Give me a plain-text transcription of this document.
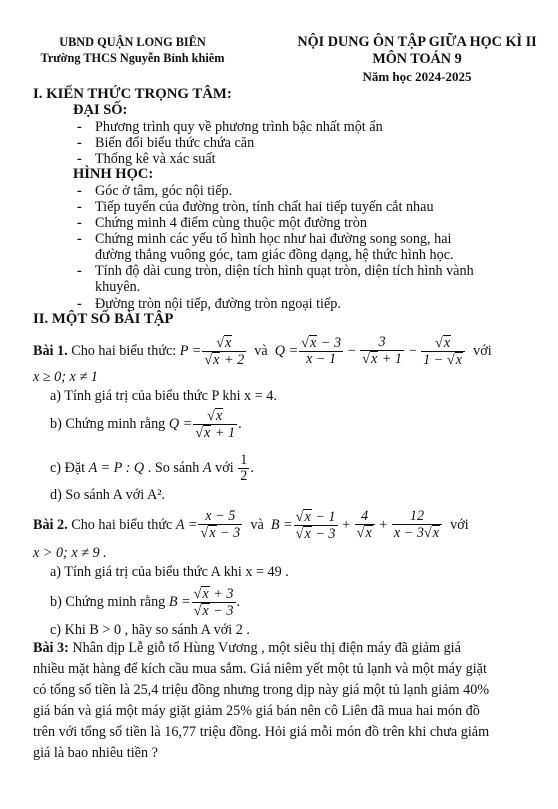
UBND QUẬN LONG BIÊN
Trường THCS Nguyễn Bỉnh khiêm
NỘI DUNG ÔN TẬP GIỮA HỌC KÌ II
MÔN TOÁN 9
Năm học 2024-2025
I. KIẾN THỨC TRỌNG TÂM:
ĐẠI SỐ:
- Phương trình quy về phương trình bậc nhất một ẩn
- Biến đổi biểu thức chứa căn
- Thống kê và xác suất
HÌNH HỌC:
- Góc ở tâm, góc nội tiếp.
- Tiếp tuyến của đường tròn, tính chất hai tiếp tuyến cắt nhau
- Chứng minh 4 điểm cùng thuộc một đường tròn
- Chứng minh các yếu tố hình học như hai đường song song, hai
đường thẳng vuông góc, tam giác đồng dạng, hệ thức hình học.
- Tính độ dài cung tròn, diện tích hình quạt tròn, diện tích hình vành
khuyên.
- Đường tròn nội tiếp, đường tròn ngoại tiếp.
II. MỘT SỐ BÀI TẬP
Bài 1.
Cho hai biểu thức:
$P = \frac{√x}{√x + 2}$
và
$Q = \frac{√x - 3}{x - 1} - \frac{3}{√x + 1} - \frac{√x}{1 - √x}$
với
x ≥ 0; x ≠ 1
a) Tính giá trị của biểu thức P khi x = 4.
b) Chứng minh rằng
$Q = \frac{√x}{√x + 1}$ .
c) Đặt
A = P : Q
. So sánh
A
với
$\frac{1}{2}$ .
d) So sánh A với A².
Bài 2.
Cho hai biểu thức
$A = \frac{x - 5}{√x - 3}$
và
$B = \frac{√x - 1}{√x - 3} + \frac{4}{√x} + \frac{12}{x - 3√x}$
với
x > 0; x ≠ 9 .
a) Tính giá trị của biểu thức A khi x = 49 .
b) Chứng minh rằng
$B = \frac{√x + 3}{√x - 3}$ .
c) Khi B > 0 , hãy so sánh A với 2 .
Bài 3: Nhân dịp Lễ giỗ tổ Hùng Vương , một siêu thị điện máy đã giảm giá
nhiều mặt hàng để kích cầu mua sắm. Giá niêm yết một tủ lạnh và một máy giặt
có tổng số tiền là 25,4 triệu đồng nhưng trong dịp này giá một tủ lạnh giảm 40%
giá bán và giá một máy giặt giảm 25% giá bán nên cô Liên đã mua hai món đồ
trên với tổng số tiền là 16,77 triệu đồng. Hỏi giá mỗi món đồ trên khi chưa giảm
giá là bao nhiêu tiền ?
